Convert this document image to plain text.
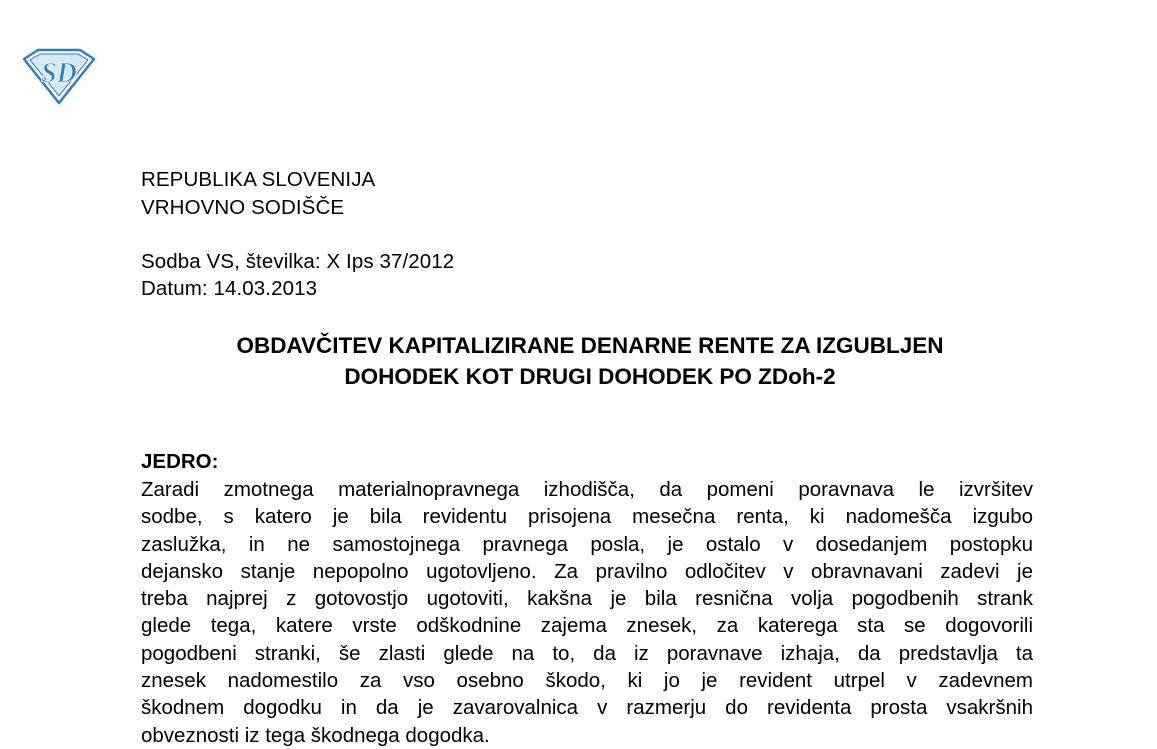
SD
REPUBLIKA SLOVENIJA
VRHOVNO SODIŠČE
Sodba VS, številka: X Ips 37/2012
Datum: 14.03.2013
OBDAVČITEV KAPITALIZIRANE DENARNE RENTE ZA IZGUBLJEN
DOHODEK KOT DRUGI DOHODEK PO ZDoh-2
JEDRO:
Zaradi zmotnega materialnopravnega izhodišča, da pomeni poravnava le izvršitev
sodbe, s katero je bila revidentu prisojena mesečna renta, ki nadomešča izgubo
zaslužka, in ne samostojnega pravnega posla, je ostalo v dosedanjem postopku
dejansko stanje nepopolno ugotovljeno. Za pravilno odločitev v obravnavani zadevi je
treba najprej z gotovostjo ugotoviti, kakšna je bila resnična volja pogodbenih strank
glede tega, katere vrste odškodnine zajema znesek, za katerega sta se dogovorili
pogodbeni stranki, še zlasti glede na to, da iz poravnave izhaja, da predstavlja ta
znesek nadomestilo za vso osebno škodo, ki jo je revident utrpel v zadevnem
škodnem dogodku in da je zavarovalnica v razmerju do revidenta prosta vsakršnih
obveznosti iz tega škodnega dogodka.
